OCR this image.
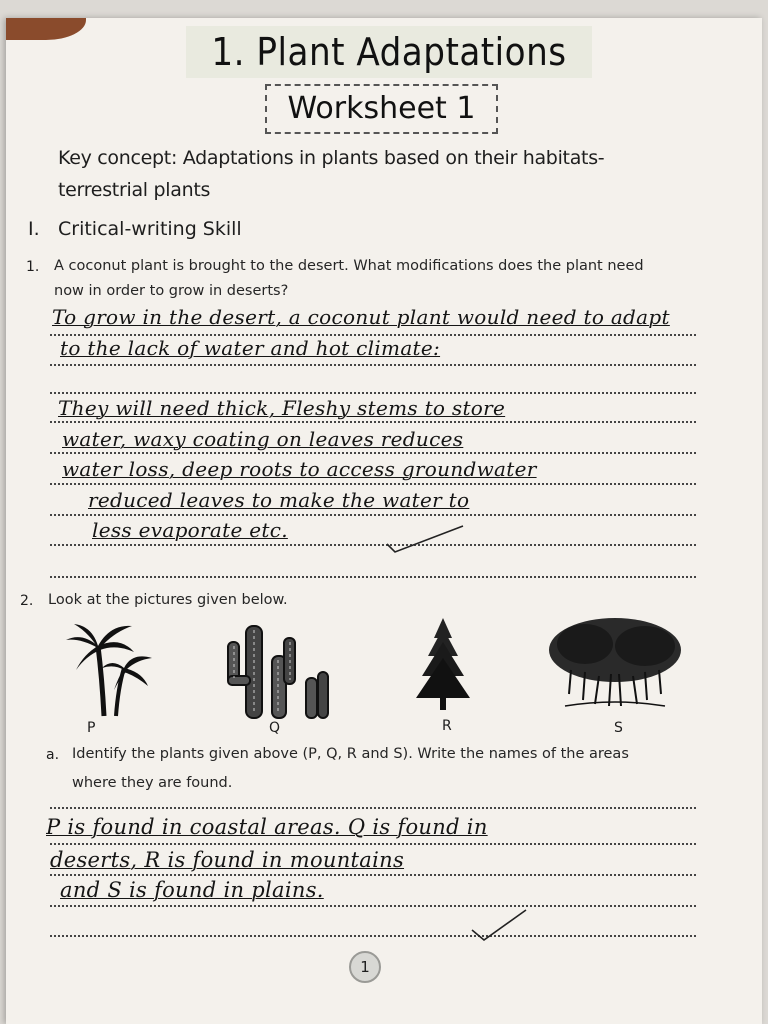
1. Plant Adaptations
Worksheet 1
Key concept: Adaptations in plants based on their habitats-
terrestrial plants
I. Critical-writing Skill
1. A coconut plant is brought to the desert. What modifications does the plant need
now in order to grow in deserts?
To grow in the desert, a coconut plant would need to adapt
to the lack of water and hot climate:
They will need thick, Fleshy stems to store
water, waxy coating on leaves reduces
water loss, deep roots to access groundwater
reduced leaves to make the water to
less evaporate etc.
2. Look at the pictures given below.
P	Q	R	S
a. Identify the plants given above (P, Q, R and S). Write the names of the areas
where they are found.
P is found in coastal areas. Q is found in
deserts, R is found in mountains
and S is found in plains.
1
